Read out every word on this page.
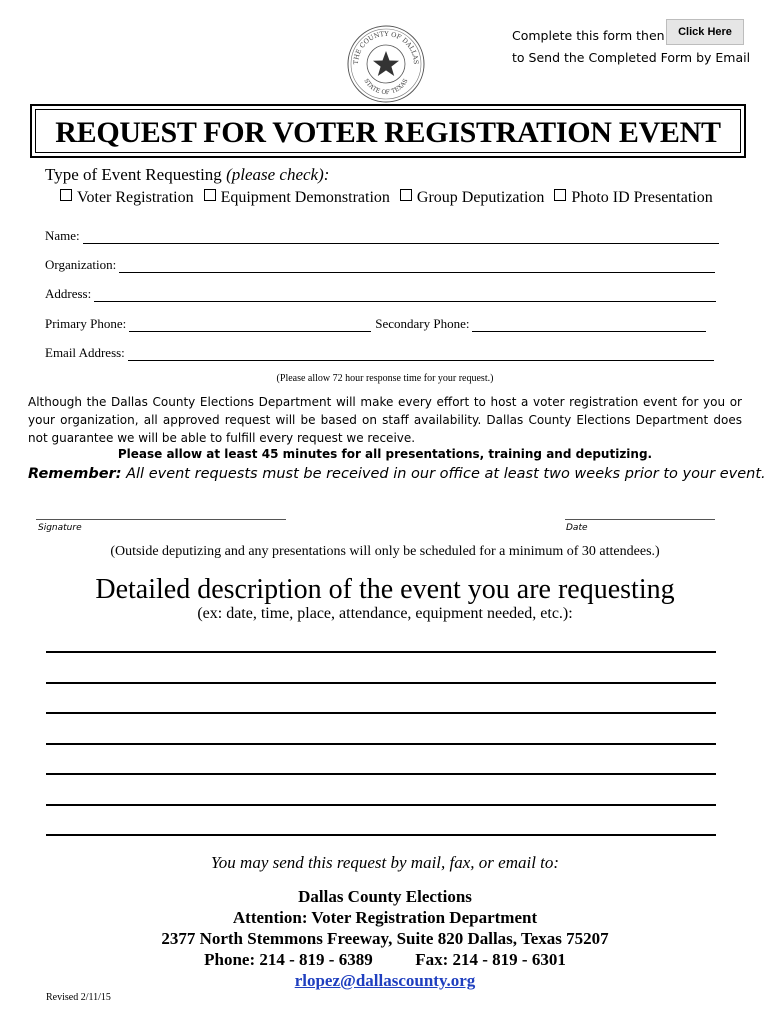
THE COUNTY OF DALLAS
STATE OF TEXAS
Complete this form then
to Send the Completed Form by Email
Click Here
REQUEST FOR VOTER REGISTRATION EVENT
Type of Event Requesting (please check):
Voter Registration Equipment Demonstration Group Deputization Photo ID Presentation
Name:
Organization:
Address:
Primary Phone:	Secondary Phone:
Email Address:
(Please allow 72 hour response time for your request.)
Although the Dallas County Elections Department will make every effort to host a voter registration event for you or your organization, all approved request will be based on staff availability. Dallas County Elections Department does not guarantee we will be able to fulfill every request we receive.
Please allow at least 45 minutes for all presentations, training and deputizing.
Remember: All event requests must be received in our office at least two weeks prior to your event.
Signature	Date
(Outside deputizing and any presentations will only be scheduled for a minimum of 30 attendees.)
Detailed description of the event you are requesting
(ex: date, time, place, attendance, equipment needed, etc.):
You may send this request by mail, fax, or email to:
Dallas County Elections
Attention: Voter Registration Department
2377 North Stemmons Freeway, Suite 820 Dallas, Texas 75207
Phone: 214 - 819 - 6389	Fax: 214 - 819 - 6301
rlopez@dallascounty.org
Revised 2/11/15
